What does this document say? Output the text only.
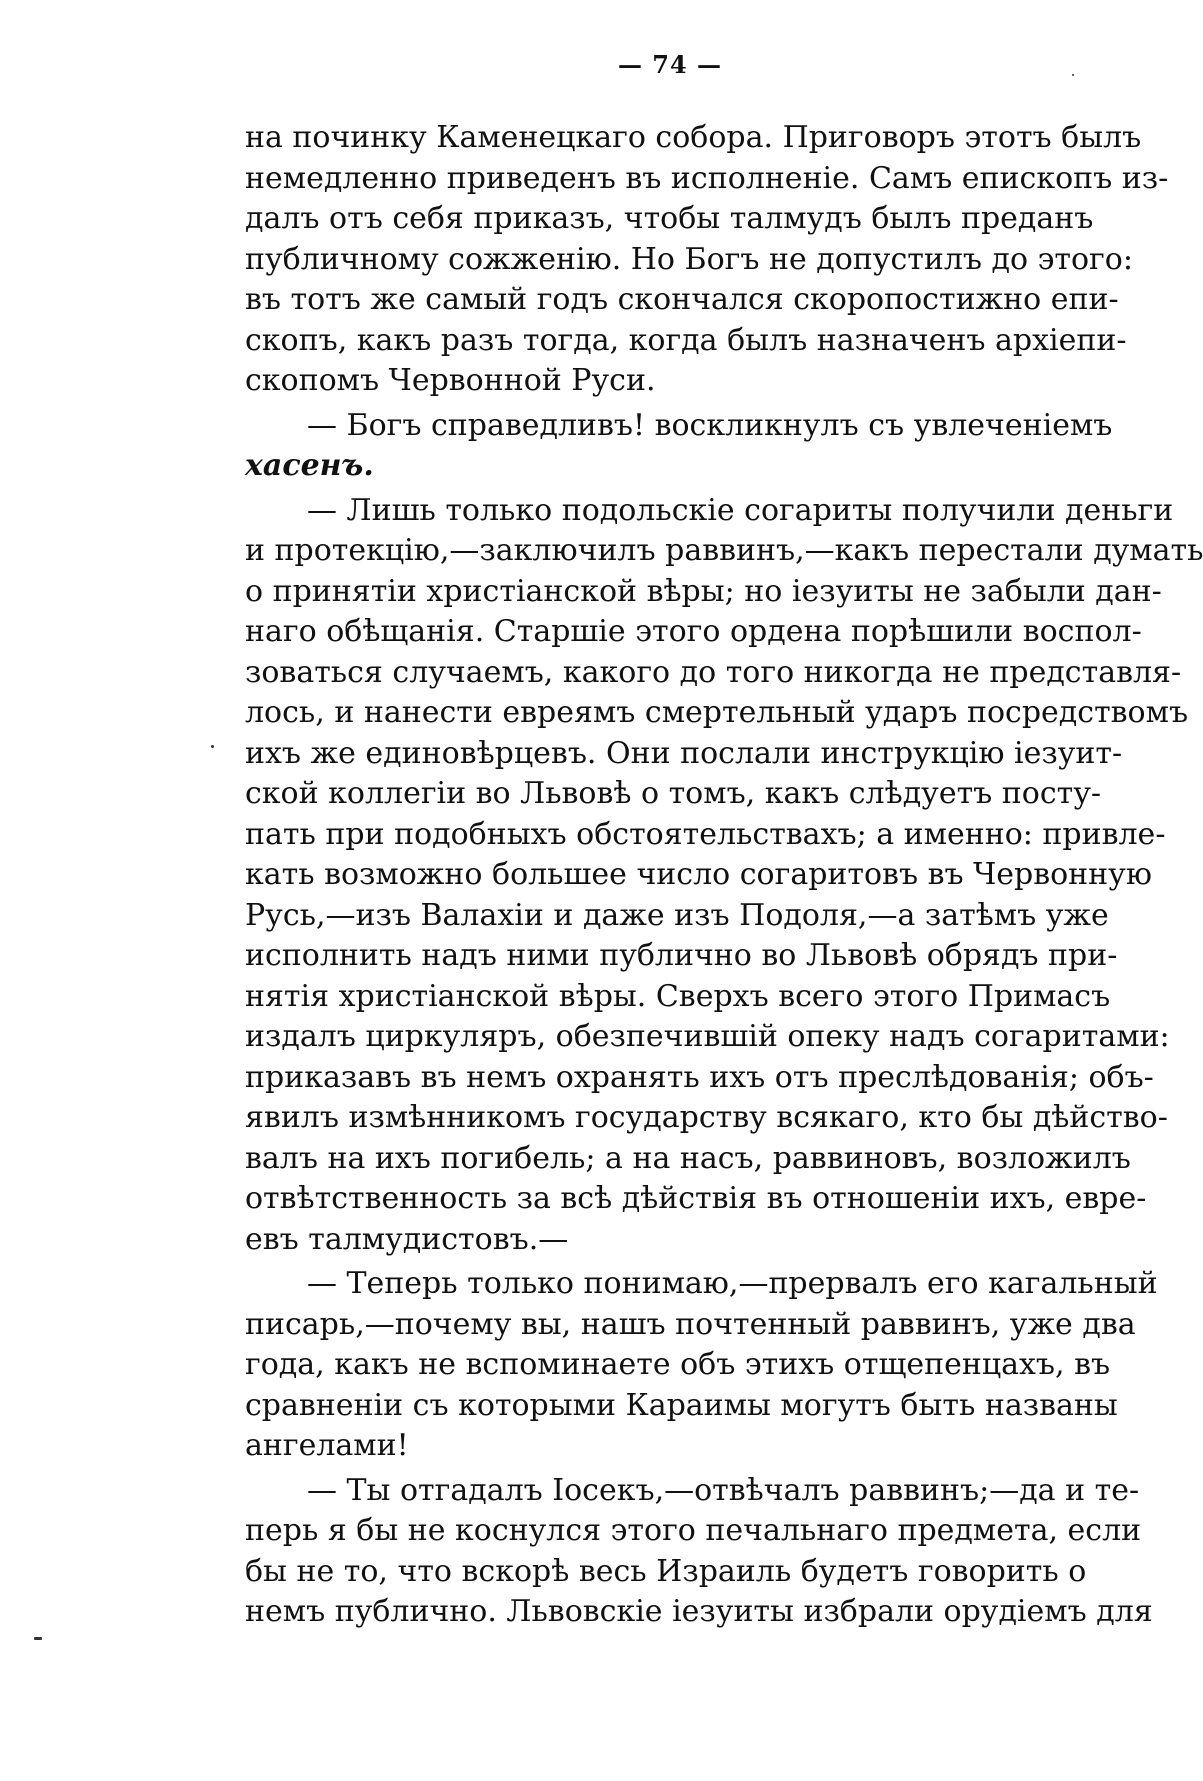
— 74 —
на починку Каменецкаго собора. Приговоръ этотъ былъ
немедленно приведенъ въ исполненіе. Самъ епископъ из-
далъ отъ себя приказъ, чтобы талмудъ былъ преданъ
публичному сожженію. Но Богъ не допустилъ до этого:
въ тотъ же самый годъ скончался скоропостижно епи-
скопъ, какъ разъ тогда, когда былъ назначенъ архіепи-
скопомъ Червонной Руси.
— Богъ справедливъ! воскликнулъ съ увлеченіемъ
хасенъ.
— Лишь только подольскіе согариты получили деньги
и протекцію,—заключилъ раввинъ,—какъ перестали думать
о принятіи христіанской вѣры; но іезуиты не забыли дан-
наго обѣщанія. Старшіе этого ордена порѣшили воспол-
зоваться случаемъ, какого до того никогда не представля-
лось, и нанести евреямъ смертельный ударъ посредствомъ
ихъ же единовѣрцевъ. Они послали инструкцію іезуит-
ской коллегіи во Львовѣ о томъ, какъ слѣдуетъ посту-
пать при подобныхъ обстоятельствахъ; а именно: привле-
кать возможно большее число согаритовъ въ Червонную
Русь,—изъ Валахіи и даже изъ Подоля,—а затѣмъ уже
исполнить надъ ними публично во Львовѣ обрядъ при-
нятія христіанской вѣры. Сверхъ всего этого Примасъ
издалъ циркуляръ, обезпечившій опеку надъ согаритами:
приказавъ въ немъ охранять ихъ отъ преслѣдованія; объ-
явилъ измѣнникомъ государству всякаго, кто бы дѣйство-
валъ на ихъ погибель; а на насъ, раввиновъ, возложилъ
отвѣтственность за всѣ дѣйствія въ отношеніи ихъ, евре-
евъ талмудистовъ.—
— Теперь только понимаю,—прервалъ его кагальный
писарь,—почему вы, нашъ почтенный раввинъ, уже два
года, какъ не вспоминаете объ этихъ отщепенцахъ, въ
сравненіи съ которыми Караимы могутъ быть названы
ангелами!
— Ты отгадалъ Іосекъ,—отвѣчалъ раввинъ;—да и те-
перь я бы не коснулся этого печальнаго предмета, если
бы не то, что вскорѣ весь Израиль будетъ говорить о
немъ публично. Львовскіе іезуиты избрали орудіемъ для
